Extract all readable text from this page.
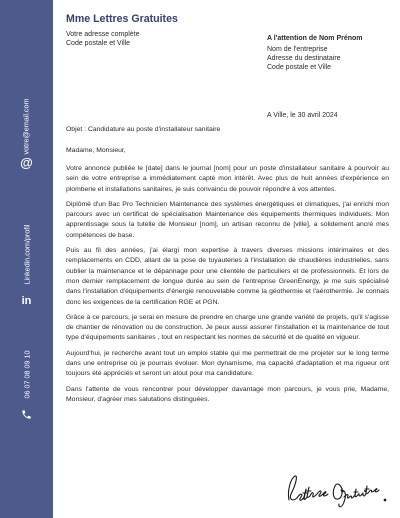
votre@email.com
@
Linkedin.com/profil
in
06 07 08 09 10
Mme Lettres Gratuites
Votre adresse complète
Code postale et Ville
A l'attention de Nom Prénom
Nom de l'entreprise
Adresse du destinataire
Code postale et Ville
A Ville, le 30 avril 2024
Objet : Candidature au poste d'installateur sanitaire
Madame, Monsieur,

Votre annonce publiée le [date] dans le journal [nom] pour un poste d'installateur sanitaire à pourvoir au sein de votre entreprise a immédiatement capté mon intérêt. Avec plus de huit années d'expérience en plomberie et installations sanitaires, je suis convaincu de pouvoir répondre à vos attentes.

Diplômé d'un Bac Pro Technicien Maintenance des systèmes énergétiques et climatiques, j'ai enrichi mon parcours avec un certificat de spécialisation Maintenance des équipements thermiques individuels. Mon apprentissage sous la tutelle de Monsieur [nom], un artisan reconnu de [ville], a solidement ancré mes compétences de base.

Puis au fil des années, j'ai élargi mon expertise à travers diverses missions intérimaires et des remplacements en CDD, allant de la pose de tuyauteries à l'installation de chaudières industrielles, sans oublier la maintenance et le dépannage pour une clientèle de particuliers et de professionnels. Et lors de mon dernier remplacement de longue durée au sein de l'entreprise GreenEnergy, je me suis spécialisé dans l'installation d'équipements d'énergie renouvelable comme la géothermie et l'aérothermie. Je connais donc les exigences de la certification RGE et PGN.

Grâce à ce parcours, je serai en mesure de prendre en charge une grande variété de projets, qu'il s'agisse de chantier de rénovation ou de construction. Je peux aussi assurer l'installation et la maintenance de tout type d'équipements sanitaires , tout en respectant les normes de sécurité et de qualité en vigueur.

Aujourd'hui, je recherche avant tout un emploi stable qui me permettrait de me projeter sur le long terme dans une entreprise où je pourrais évoluer. Mon dynamisme, ma capacité d'adaptation et ma rigueur ont toujours été appréciés et seront un atout pour ma candidature.

Dans l'attente de vous rencontrer pour développer davantage mon parcours, je vous prie, Madame, Monsieur, d'agréer mes salutations distinguées.
